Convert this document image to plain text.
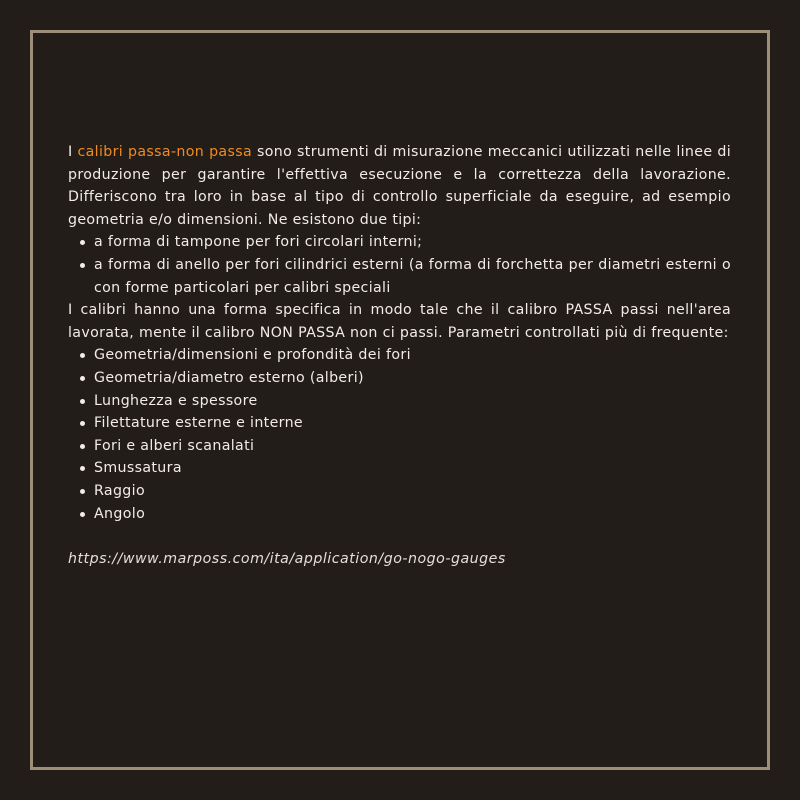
I calibri passa-non passa sono strumenti di misurazione meccanici utilizzati nelle linee di produzione per garantire l'effettiva esecuzione e la correttezza della lavorazione. Differiscono tra loro in base al tipo di controllo superficiale da eseguire, ad esempio geometria e/o dimensioni. Ne esistono due tipi:

a forma di tampone per fori circolari interni;
a forma di anello per fori cilindrici esterni (a forma di forchetta per diametri esterni o con forme particolari per calibri speciali

I calibri hanno una forma specifica in modo tale che il calibro PASSA passi nell'area lavorata, mente il calibro NON PASSA non ci passi. Parametri controllati più di frequente:

Geometria/dimensioni e profondità dei fori
Geometria/diametro esterno (alberi)
Lunghezza e spessore
Filettature esterne e interne
Fori e alberi scanalati
Smussatura
Raggio
Angolo

https://www.marposs.com/ita/application/go-nogo-gauges
